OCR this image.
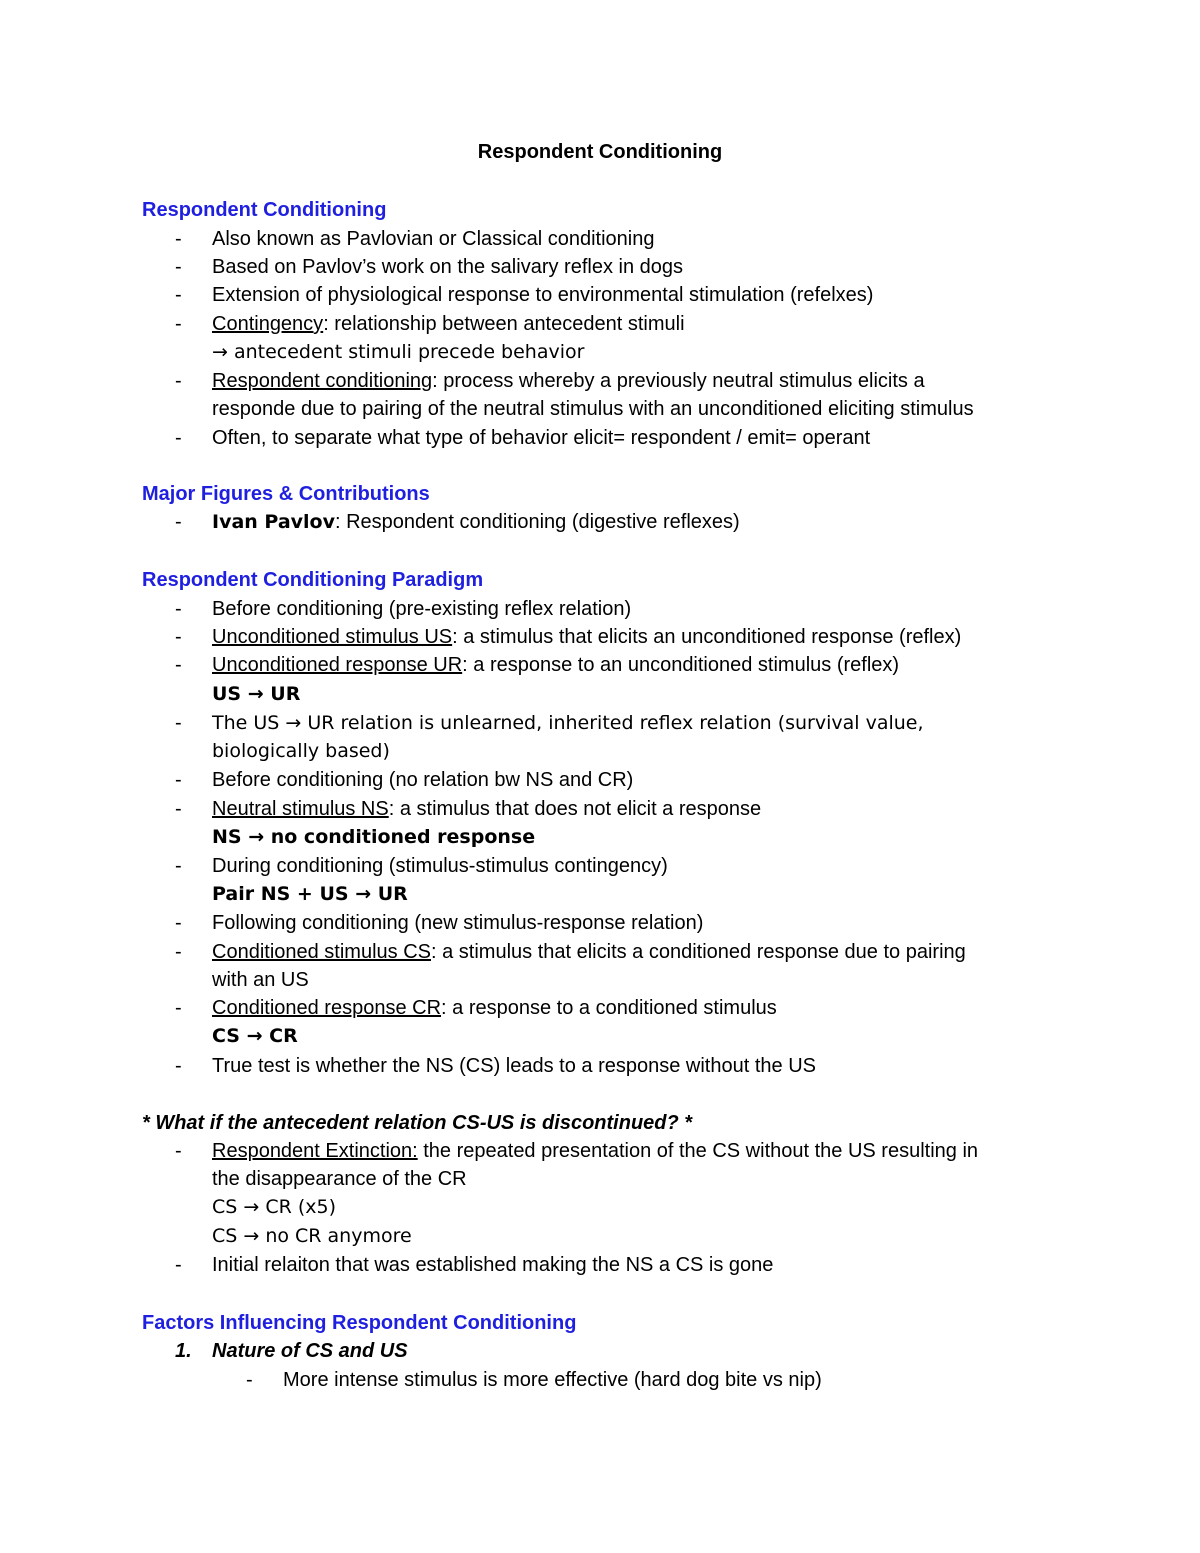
Respondent Conditioning
Respondent Conditioning
- Also known as Pavlovian or Classical conditioning
- Based on Pavlov’s work on the salivary reflex in dogs
- Extension of physiological response to environmental stimulation (refelxes)
- Contingency: relationship between antecedent stimuli
→ antecedent stimuli precede behavior
- Respondent conditioning: process whereby a previously neutral stimulus elicits a
responde due to pairing of the neutral stimulus with an unconditioned eliciting stimulus
- Often, to separate what type of behavior elicit= respondent / emit= operant
Major Figures & Contributions
- Ivan Pavlov: Respondent conditioning (digestive reflexes)
Respondent Conditioning Paradigm
- Before conditioning (pre-existing reflex relation)
- Unconditioned stimulus US: a stimulus that elicits an unconditioned response (reflex)
- Unconditioned response UR: a response to an unconditioned stimulus (reflex)
US → UR
- The US → UR relation is unlearned, inherited reflex relation (survival value,
biologically based)
- Before conditioning (no relation bw NS and CR)
- Neutral stimulus NS: a stimulus that does not elicit a response
NS → no conditioned response
- During conditioning (stimulus-stimulus contingency)
Pair NS + US → UR
- Following conditioning (new stimulus-response relation)
- Conditioned stimulus CS: a stimulus that elicits a conditioned response due to pairing
with an US
- Conditioned response CR: a response to a conditioned stimulus
CS → CR
- True test is whether the NS (CS) leads to a response without the US
* What if the antecedent relation CS-US is discontinued? *
- Respondent Extinction: the repeated presentation of the CS without the US resulting in
the disappearance of the CR
CS → CR (x5)
CS → no CR anymore
- Initial relaiton that was established making the NS a CS is gone
Factors Influencing Respondent Conditioning
1. Nature of CS and US
- More intense stimulus is more effective (hard dog bite vs nip)
